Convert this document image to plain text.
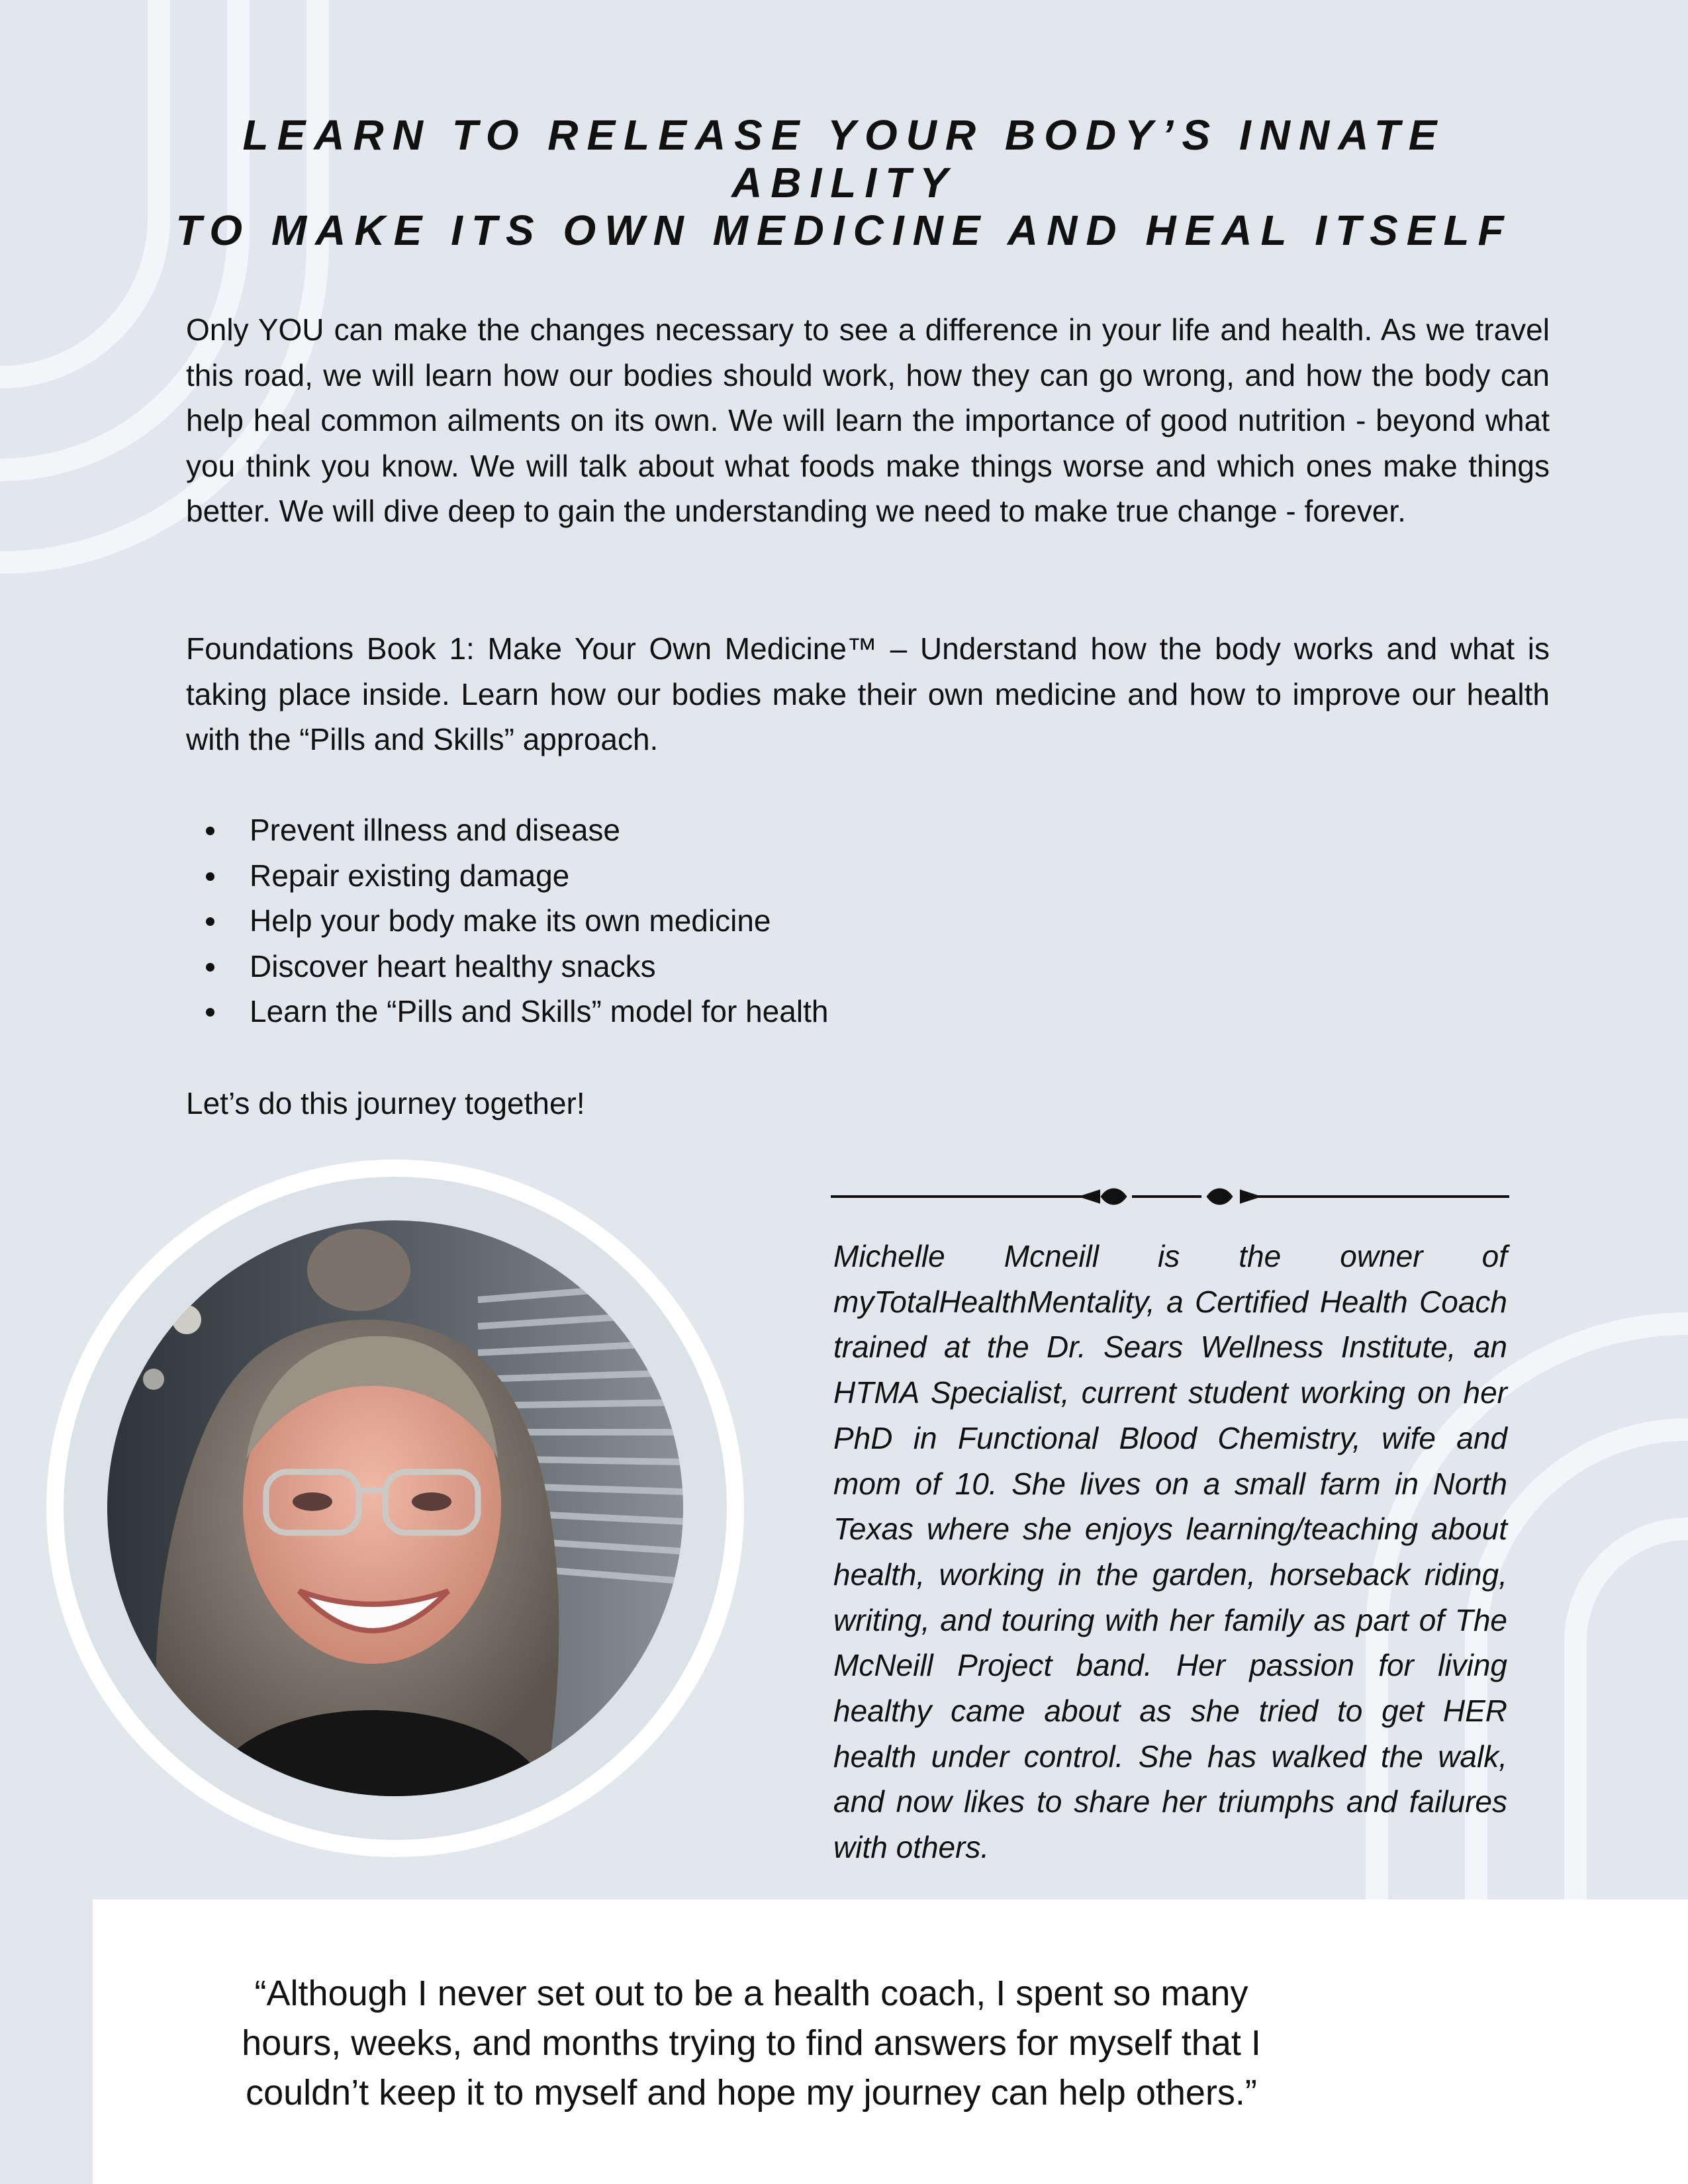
LEARN TO RELEASE YOUR BODY’S INNATE ABILITY
TO MAKE ITS OWN MEDICINE AND HEAL ITSELF

Only YOU can make the changes necessary to see a difference in your life and health. As we travel this road, we will learn how our bodies should work, how they can go wrong, and how the body can help heal common ailments on its own. We will learn the importance of good nutrition - beyond what you think you know. We will talk about what foods make things worse and which ones make things better. We will dive deep to gain the understanding we need to make true change - forever.

Foundations Book 1: Make Your Own Medicine™ – Understand how the body works and what is taking place inside. Learn how our bodies make their own medicine and how to improve our health with the “Pills and Skills” approach.

Prevent illness and disease
Repair existing damage
Help your body make its own medicine
Discover heart healthy snacks
Learn the “Pills and Skills” model for health

Let’s do this journey together!

Michelle Mcneill is the owner of myTotalHealthMentality, a Certified Health Coach trained at the Dr. Sears Wellness Institute, an HTMA Specialist, current student working on her PhD in Functional Blood Chemistry, wife and mom of 10. She lives on a small farm in North Texas where she enjoys learning/teaching about health, working in the garden, horseback riding, writing, and touring with her family as part of The McNeill Project band. Her passion for living healthy came about as she tried to get HER health under control. She has walked the walk, and now likes to share her triumphs and failures with others.

“Although I never set out to be a health coach, I spent so many
hours, weeks, and months trying to find answers for myself that I
couldn’t keep it to myself and hope my journey can help others.”
